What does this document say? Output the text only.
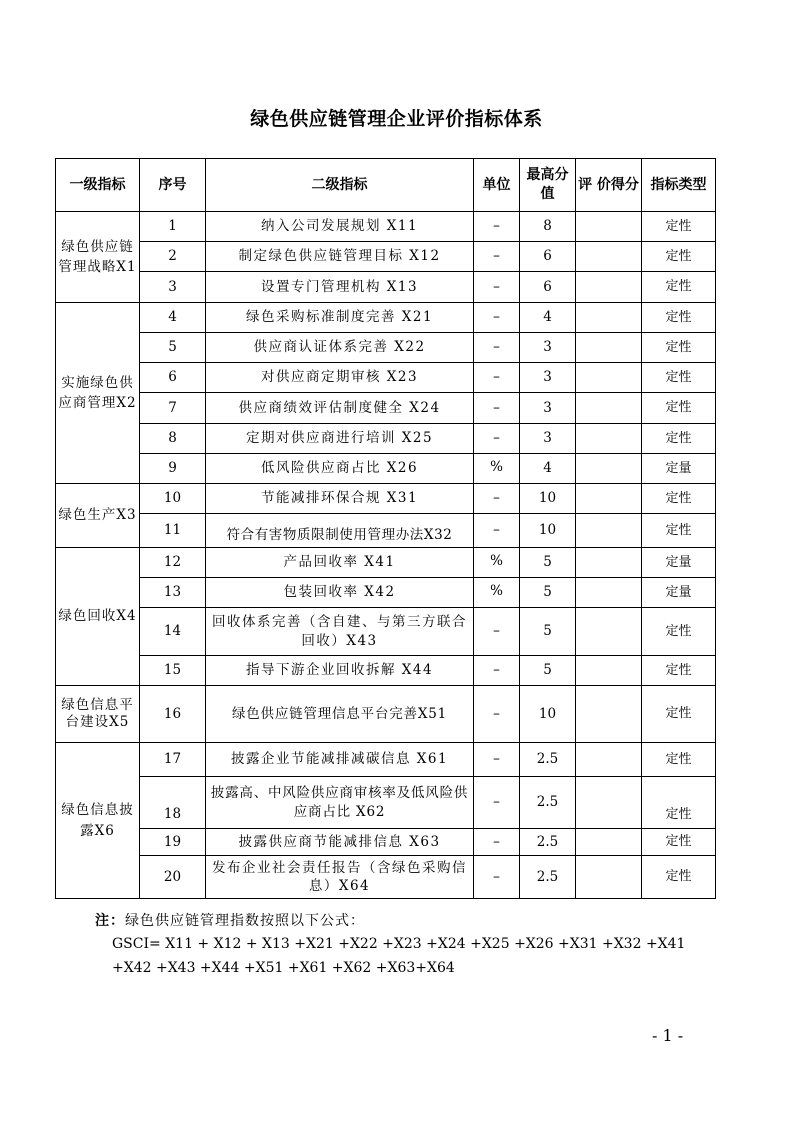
绿色供应链管理企业评价指标体系
一级指标	序号	二级指标	单位	最高分值	评 价得分	指标类型
绿色供应链管理战略X1	1	纳入公司发展规划 X11	–	8		定性
	2	制定绿色供应链管理目标 X12	–	6		定性
	3	设置专门管理机构 X13	–	6		定性
实施绿色供应商管理X2	4	绿色采购标准制度完善 X21	–	4		定性
	5	供应商认证体系完善 X22	–	3		定性
	6	对供应商定期审核 X23	–	3		定性
	7	供应商绩效评估制度健全 X24	–	3		定性
	8	定期对供应商进行培训 X25	–	3		定性
	9	低风险供应商占比 X26	%	4		定量
绿色生产X3	10	节能减排环保合规 X31	–	10		定性
	11	符合有害物质限制使用管理办法X32	–	10		定性
绿色回收X4	12	产品回收率 X41	%	5		定量
	13	包装回收率 X42	%	5		定量
	14	回收体系完善（含自建、与第三方联合回收）X43	–	5		定性
	15	指导下游企业回收拆解 X44	–	5		定性
绿色信息平台建设X5	16	绿色供应链管理信息平台完善X51	–	10		定性
绿色信息披露X6	17	披露企业节能减排减碳信息 X61	–	2.5		定性
	18	披露高、中风险供应商审核率及低风险供应商占比 X62	–	2.5		定性
	19	披露供应商节能减排信息 X63	–	2.5		定性
	20	发布企业社会责任报告（含绿色采购信息）X64	–	2.5		定性
注：绿色供应链管理指数按照以下公式：
GSCI= X11 + X12 + X13 +X21 +X22 +X23 +X24 +X25 +X26 +X31 +X32 +X41
+X42 +X43 +X44 +X51 +X61 +X62 +X63+X64
- 1 -
